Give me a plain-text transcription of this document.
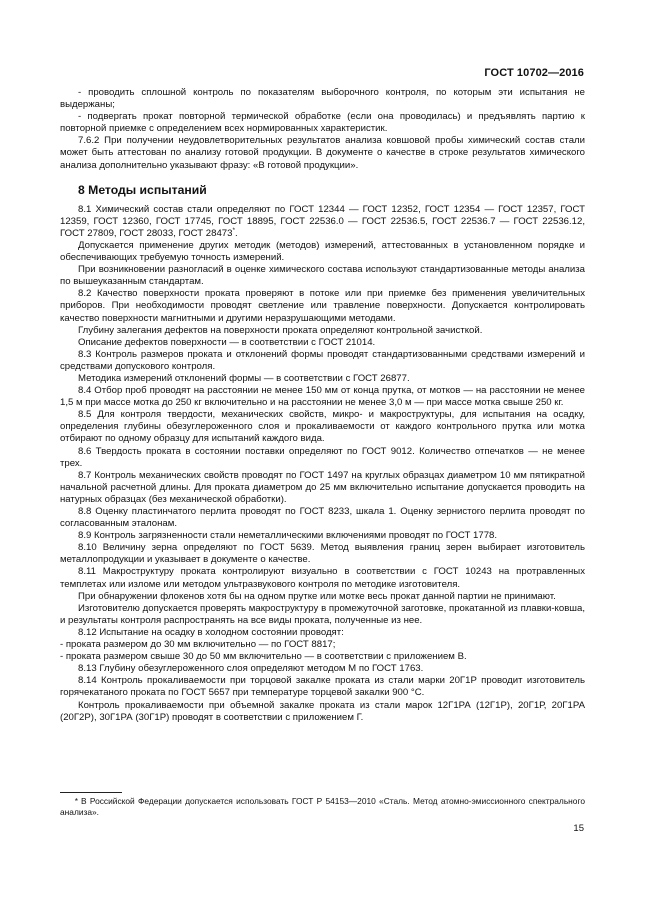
ГОСТ 10702—2016

- проводить сплошной контроль по показателям выборочного контроля, по которым эти испытания не выдержаны;

- подвергать прокат повторной термической обработке (если она проводилась) и предъявлять партию к повторной приемке с определением всех нормированных характеристик.

7.6.2 При получении неудовлетворительных результатов анализа ковшовой пробы химический состав стали может быть аттестован по анализу готовой продукции. В документе о качестве в строке результатов химического анализа дополнительно указывают фразу: «В готовой продукции».

8 Методы испытаний

8.1 Химический состав стали определяют по ГОСТ 12344 — ГОСТ 12352, ГОСТ 12354 — ГОСТ 12357, ГОСТ 12359, ГОСТ 12360, ГОСТ 17745, ГОСТ 18895, ГОСТ 22536.0 — ГОСТ 22536.5, ГОСТ 22536.7 — ГОСТ 22536.12, ГОСТ 27809, ГОСТ 28033, ГОСТ 28473*.

Допускается применение других методик (методов) измерений, аттестованных в установленном порядке и обеспечивающих требуемую точность измерений.

При возникновении разногласий в оценке химического состава используют стандартизованные методы анализа по вышеуказанным стандартам.

8.2 Качество поверхности проката проверяют в потоке или при приемке без применения увеличительных приборов. При необходимости проводят светление или травление поверхности. Допускается контролировать качество поверхности магнитными и другими неразрушающими методами.

Глубину залегания дефектов на поверхности проката определяют контрольной зачисткой.

Описание дефектов поверхности — в соответствии с ГОСТ 21014.

8.3 Контроль размеров проката и отклонений формы проводят стандартизованными средствами измерений и средствами допускового контроля.

Методика измерений отклонений формы — в соответствии с ГОСТ 26877.

8.4 Отбор проб проводят на расстоянии не менее 150 мм от конца прутка, от мотков — на расстоянии не менее 1,5 м при массе мотка до 250 кг включительно и на расстоянии не менее 3,0 м — при массе мотка свыше 250 кг.

8.5 Для контроля твердости, механических свойств, микро- и макроструктуры, для испытания на осадку, определения глубины обезуглероженного слоя и прокаливаемости от каждого контрольного прутка или мотка отбирают по одному образцу для испытаний каждого вида.

8.6 Твердость проката в состоянии поставки определяют по ГОСТ 9012. Количество отпечатков — не менее трех.

8.7 Контроль механических свойств проводят по ГОСТ 1497 на круглых образцах диаметром 10 мм пятикратной начальной расчетной длины. Для проката диаметром до 25 мм включительно испытание допускается проводить на натурных образцах (без механической обработки).

8.8 Оценку пластинчатого перлита проводят по ГОСТ 8233, шкала 1. Оценку зернистого перлита проводят по согласованным эталонам.

8.9 Контроль загрязненности стали неметаллическими включениями проводят по ГОСТ 1778.

8.10 Величину зерна определяют по ГОСТ 5639. Метод выявления границ зерен выбирает изготовитель металлопродукции и указывает в документе о качестве.

8.11 Макроструктуру проката контролируют визуально в соответствии с ГОСТ 10243 на протравленных темплетах или изломе или методом ультразвукового контроля по методике изготовителя.

При обнаружении флокенов хотя бы на одном прутке или мотке весь прокат данной партии не принимают.

Изготовителю допускается проверять макроструктуру в промежуточной заготовке, прокатанной из плавки-ковша, и результаты контроля распространять на все виды проката, полученные из нее.

8.12 Испытание на осадку в холодном состоянии проводят:

- проката размером до 30 мм включительно — по ГОСТ 8817;

- проката размером свыше 30 до 50 мм включительно — в соответствии с приложением В.

8.13 Глубину обезуглероженного слоя определяют методом М по ГОСТ 1763.

8.14 Контроль прокаливаемости при торцовой закалке проката из стали марки 20Г1Р проводит изготовитель горячекатаного проката по ГОСТ 5657 при температуре торцевой закалки 900 °С.

Контроль прокаливаемости при объемной закалке проката из стали марок 12Г1РА (12Г1Р), 20Г1Р, 20Г1РА (20Г2Р), 30Г1РА (30Г1Р) проводят в соответствии с приложением Г.

* В Российской Федерации допускается использовать ГОСТ Р 54153—2010 «Сталь. Метод атомно-эмиссионного спектрального анализа».
15
